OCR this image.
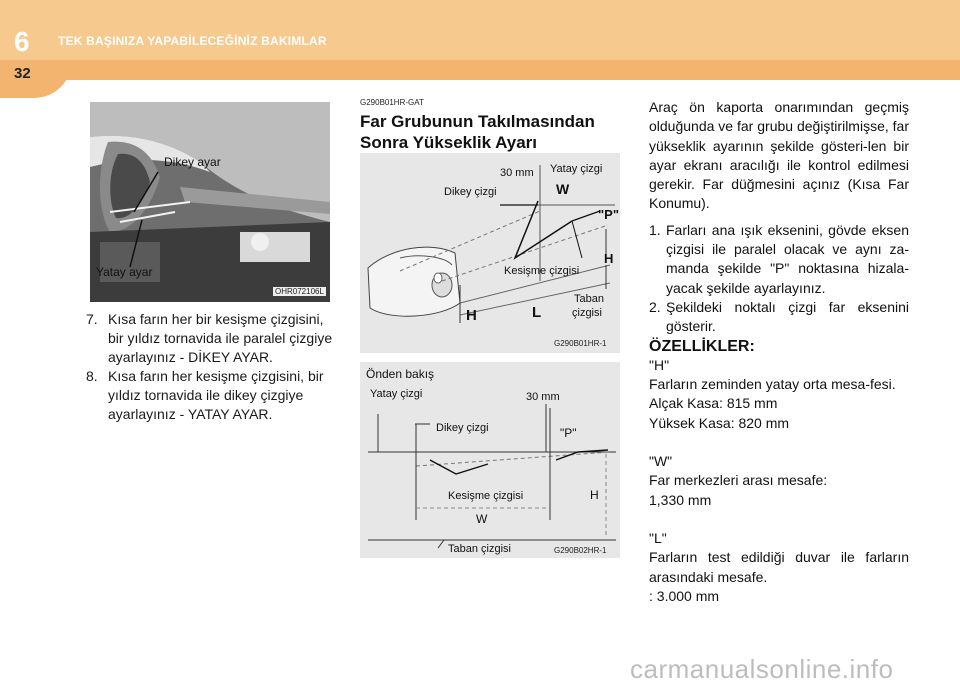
6 TEK BAŞINIZA YAPABİLECEĞİNİZ BAKIMLAR
32
Dikey ayar
Yatay ayar
OHR072106L
7. Kısa farın her bir kesişme çizgisini, bir yıldız tornavida ile paralel çizgiye ayarlayınız - DİKEY AYAR.
8. Kısa farın her kesişme çizgisini, bir yıldız tornavida ile dikey çizgiye ayarlayınız - YATAY AYAR.
G290B01HR-GAT
Far Grubunun Takılmasından Sonra Yükseklik Ayarı
30 mm Yatay çizgi
Dikey çizgi	W
"P"
Kesişme çizgisi
H
Taban
çizgisi
H	L
G290B01HR-1
Önden bakış
Yatay çizgi	30 mm
Dikey çizgi	"P"
Kesişme çizgisi	H
W
Taban çizgisi	G290B02HR-1

Araç ön kaporta onarımından geçmiş olduğunda ve far grubu değiştirilmişse, far yükseklik ayarının şekilde gösteri-len bir ayar ekranı aracılığı ile kontrol edilmesi gerekir. Far düğmesini açınız (Kısa Far Konumu).

1. Farları ana ışık eksenini, gövde eksen çizgisi ile paralel olacak ve aynı za-manda şekilde "P" noktasına hizala-yacak şekilde ayarlayınız.
2. Şekildeki noktalı çizgi far eksenini gösterir.

ÖZELLİKLER:

"H"

Farların zeminden yatay orta mesa-fesi.

Alçak Kasa: 815 mm

Yüksek Kasa: 820 mm

"W"

Far merkezleri arası mesafe:

1,330 mm

"L"

Farların test edildiği duvar ile farların arasındaki mesafe.

: 3.000 mm

carmanualsonline.info
